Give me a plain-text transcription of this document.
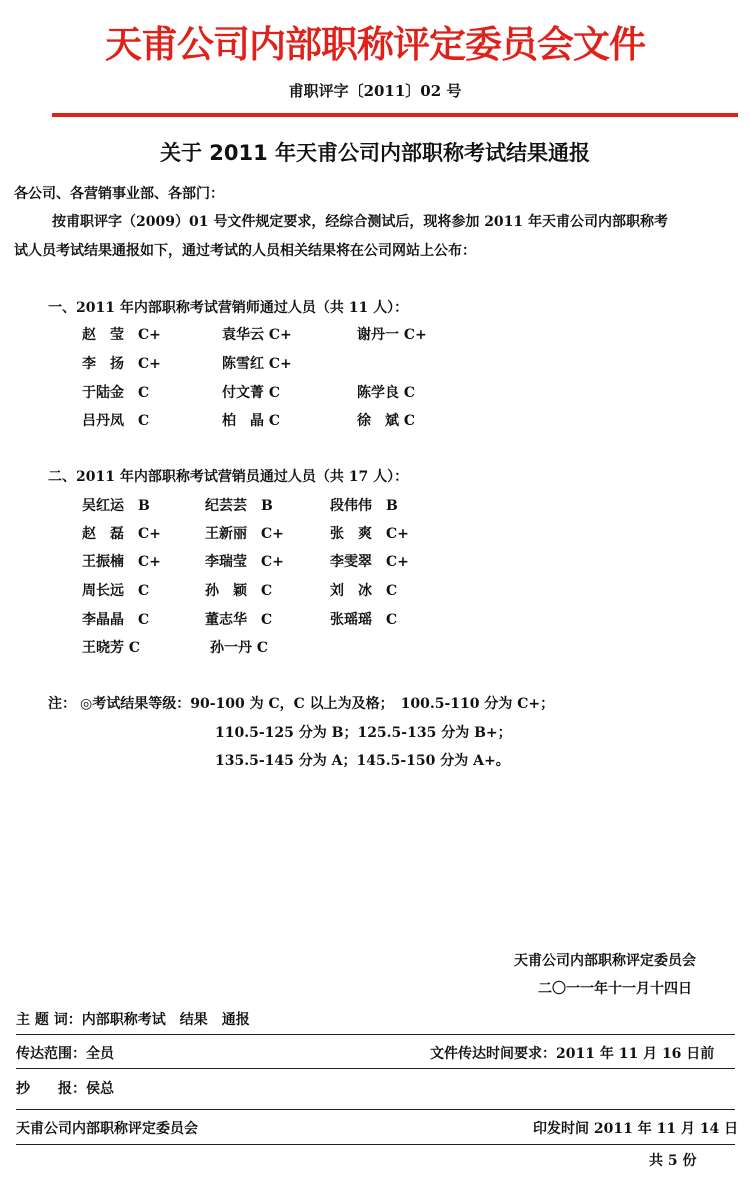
天甫公司内部职称评定委员会文件
甫职评字〔2011〕02 号
关于 2011 年天甫公司内部职称考试结果通报
各公司、各营销事业部、各部门：
按甫职评字（2009）01 号文件规定要求，经综合测试后，现将参加 2011 年天甫公司内部职称考
试人员考试结果通报如下，通过考试的人员相关结果将在公司网站上公布：
一、2011 年内部职称考试营销师通过人员（共 11 人）：
赵　莹　C+	袁华云 C+	谢丹一 C+
李　扬　C+	陈雪红 C+
于陆金　C	付文菁 C	陈学良 C
吕丹凤　C	柏　晶 C	徐　斌 C
二、2011 年内部职称考试营销员通过人员（共 17 人）：
吴红运　B	纪芸芸　B	段伟伟　B
赵　磊　C+	王新丽　C+	张　爽　C+
王振楠　C+	李瑞莹　C+	李雯翠　C+
周长远　C	孙　颖　C	刘　冰　C
李晶晶　C	董志华　C	张瑶瑶　C
王晓芳 C	孙一丹 C
注： ◎考试结果等级：90-100 为 C，C 以上为及格；　100.5-110 分为 C+；
110.5-125 分为 B；125.5-135 分为 B+；
135.5-145 分为 A；145.5-150 分为 A+。
天甫公司内部职称评定委员会
二〇一一年十一月十四日
主 题 词：内部职称考试　结果　通报
传达范围：全员	文件传达时间要求：2011 年 11 月 16 日前
抄　　报：侯总
天甫公司内部职称评定委员会	印发时间 2011 年 11 月 14 日
共 5 份
